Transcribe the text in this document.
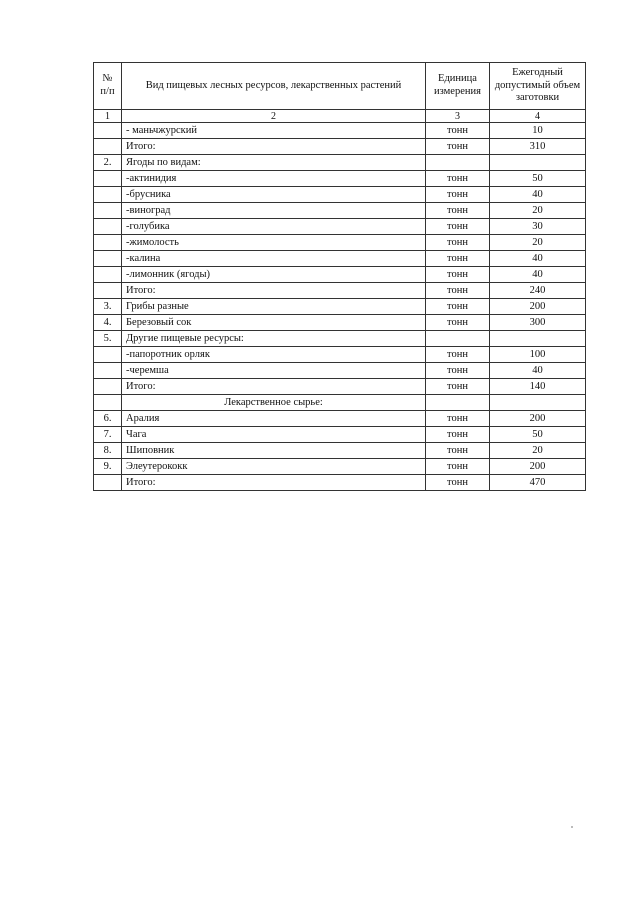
№ п/п	Вид пищевых лесных ресурсов, лекарственных растений	Единица измерения	Ежегодный допустимый объем заготовки
1	2	3	4
	- маньчжурский	тонн	10
	Итого:	тонн	310
2.	Ягоды по видам:		
	-актинидия	тонн	50
	-брусника	тонн	40
	-виноград	тонн	20
	-голубика	тонн	30
	-жимолость	тонн	20
	-калина	тонн	40
	-лимонник (ягоды)	тонн	40
	Итого:	тонн	240
3.	Грибы разные	тонн	200
4.	Березовый сок	тонн	300
5.	Другие пищевые ресурсы:		
	-папоротник орляк	тонн	100
	-черемша	тонн	40
	Итого:	тонн	140
	Лекарственное сырье:		
6.	Аралия	тонн	200
7.	Чага	тонн	50
8.	Шиповник	тонн	20
9.	Элеутерококк	тонн	200
	Итого:	тонн	470
